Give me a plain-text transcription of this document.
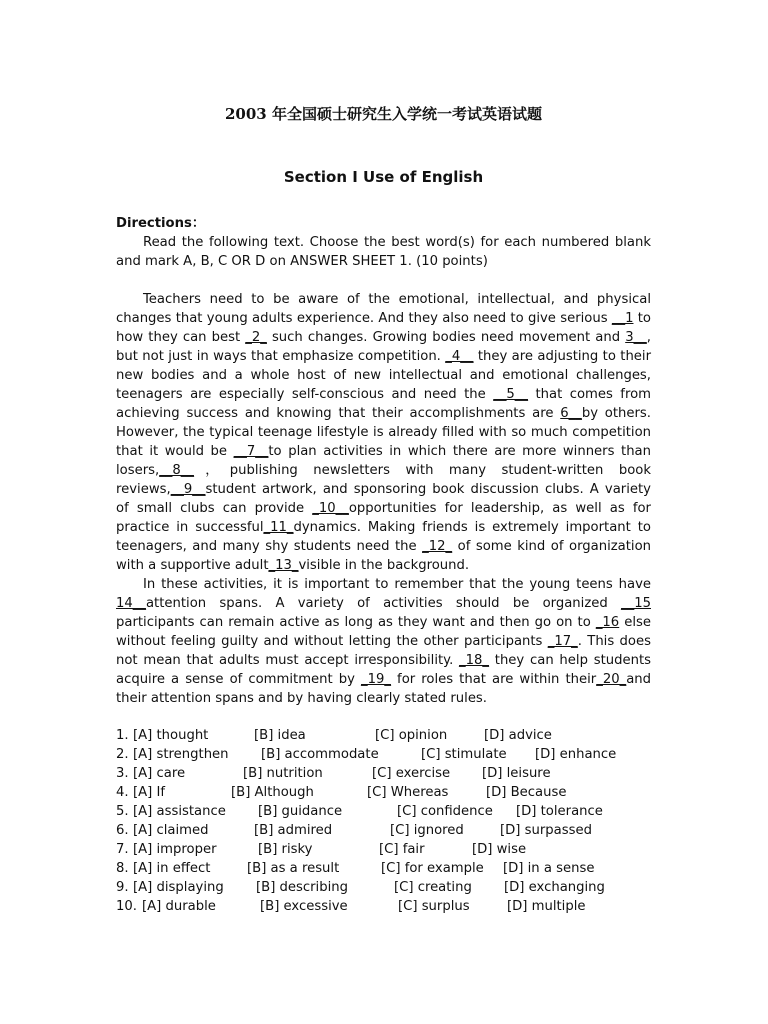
2003 年全国硕士研究生入学统一考试英语试题
Section I Use of English
Directions：

Read the following text. Choose the best word(s) for each numbered blank and mark A, B, C OR D on ANSWER SHEET 1. (10 points)

Teachers need to be aware of the emotional, intellectual, and physical changes that young adults experience. And they also need to give serious __1 to how they can best _2_ such changes. Growing bodies need movement and 3__, but not just in ways that emphasize competition. _4__ they are adjusting to their new bodies and a whole host of new intellectual and emotional challenges, teenagers are especially self-conscious and need the __5__ that comes from achieving success and knowing that their accomplishments are 6__by others. However, the typical teenage lifestyle is already filled with so much competition that it would be __7__to plan activities in which there are more winners than losers,__8__，publishing newsletters with many student-written book reviews,__9__student artwork, and sponsoring book discussion clubs. A variety of small clubs can provide _10__opportunities for leadership, as well as for practice in successful_11_dynamics. Making friends is extremely important to teenagers, and many shy students need the _12_ of some kind of organization with a supportive adult_13_visible in the background.

In these activities, it is important to remember that the young teens have 14__attention spans. A variety of activities should be organized __15 participants can remain active as long as they want and then go on to _16 else without feeling guilty and without letting the other participants _17_. This does not mean that adults must accept irresponsibility. _18_ they can help students acquire a sense of commitment by _19_ for roles that are within their_20_and their attention spans and by having clearly stated rules.

1. [A] thought	[B] idea	[C] opinion	[D] advice
2. [A] strengthen [B] accommodate	[C] stimulate [D] enhance
3. [A] care	[B] nutrition	[C] exercise [D] leisure
4. [A] If	[B] Although	[C] Whereas	[D] Because
5. [A] assistance [B] guidance	[C] confidence [D] tolerance
6. [A] claimed	[B] admired	[C] ignored	[D] surpassed
7. [A] improper	[B] risky	[C] fair	[D] wise
8. [A] in effect	[B] as a result	[C] for example [D] in a sense
9. [A] displaying [B] describing	[C] creating [D] exchanging
10. [A] durable	[B] excessive	[C] surplus	[D] multiple
